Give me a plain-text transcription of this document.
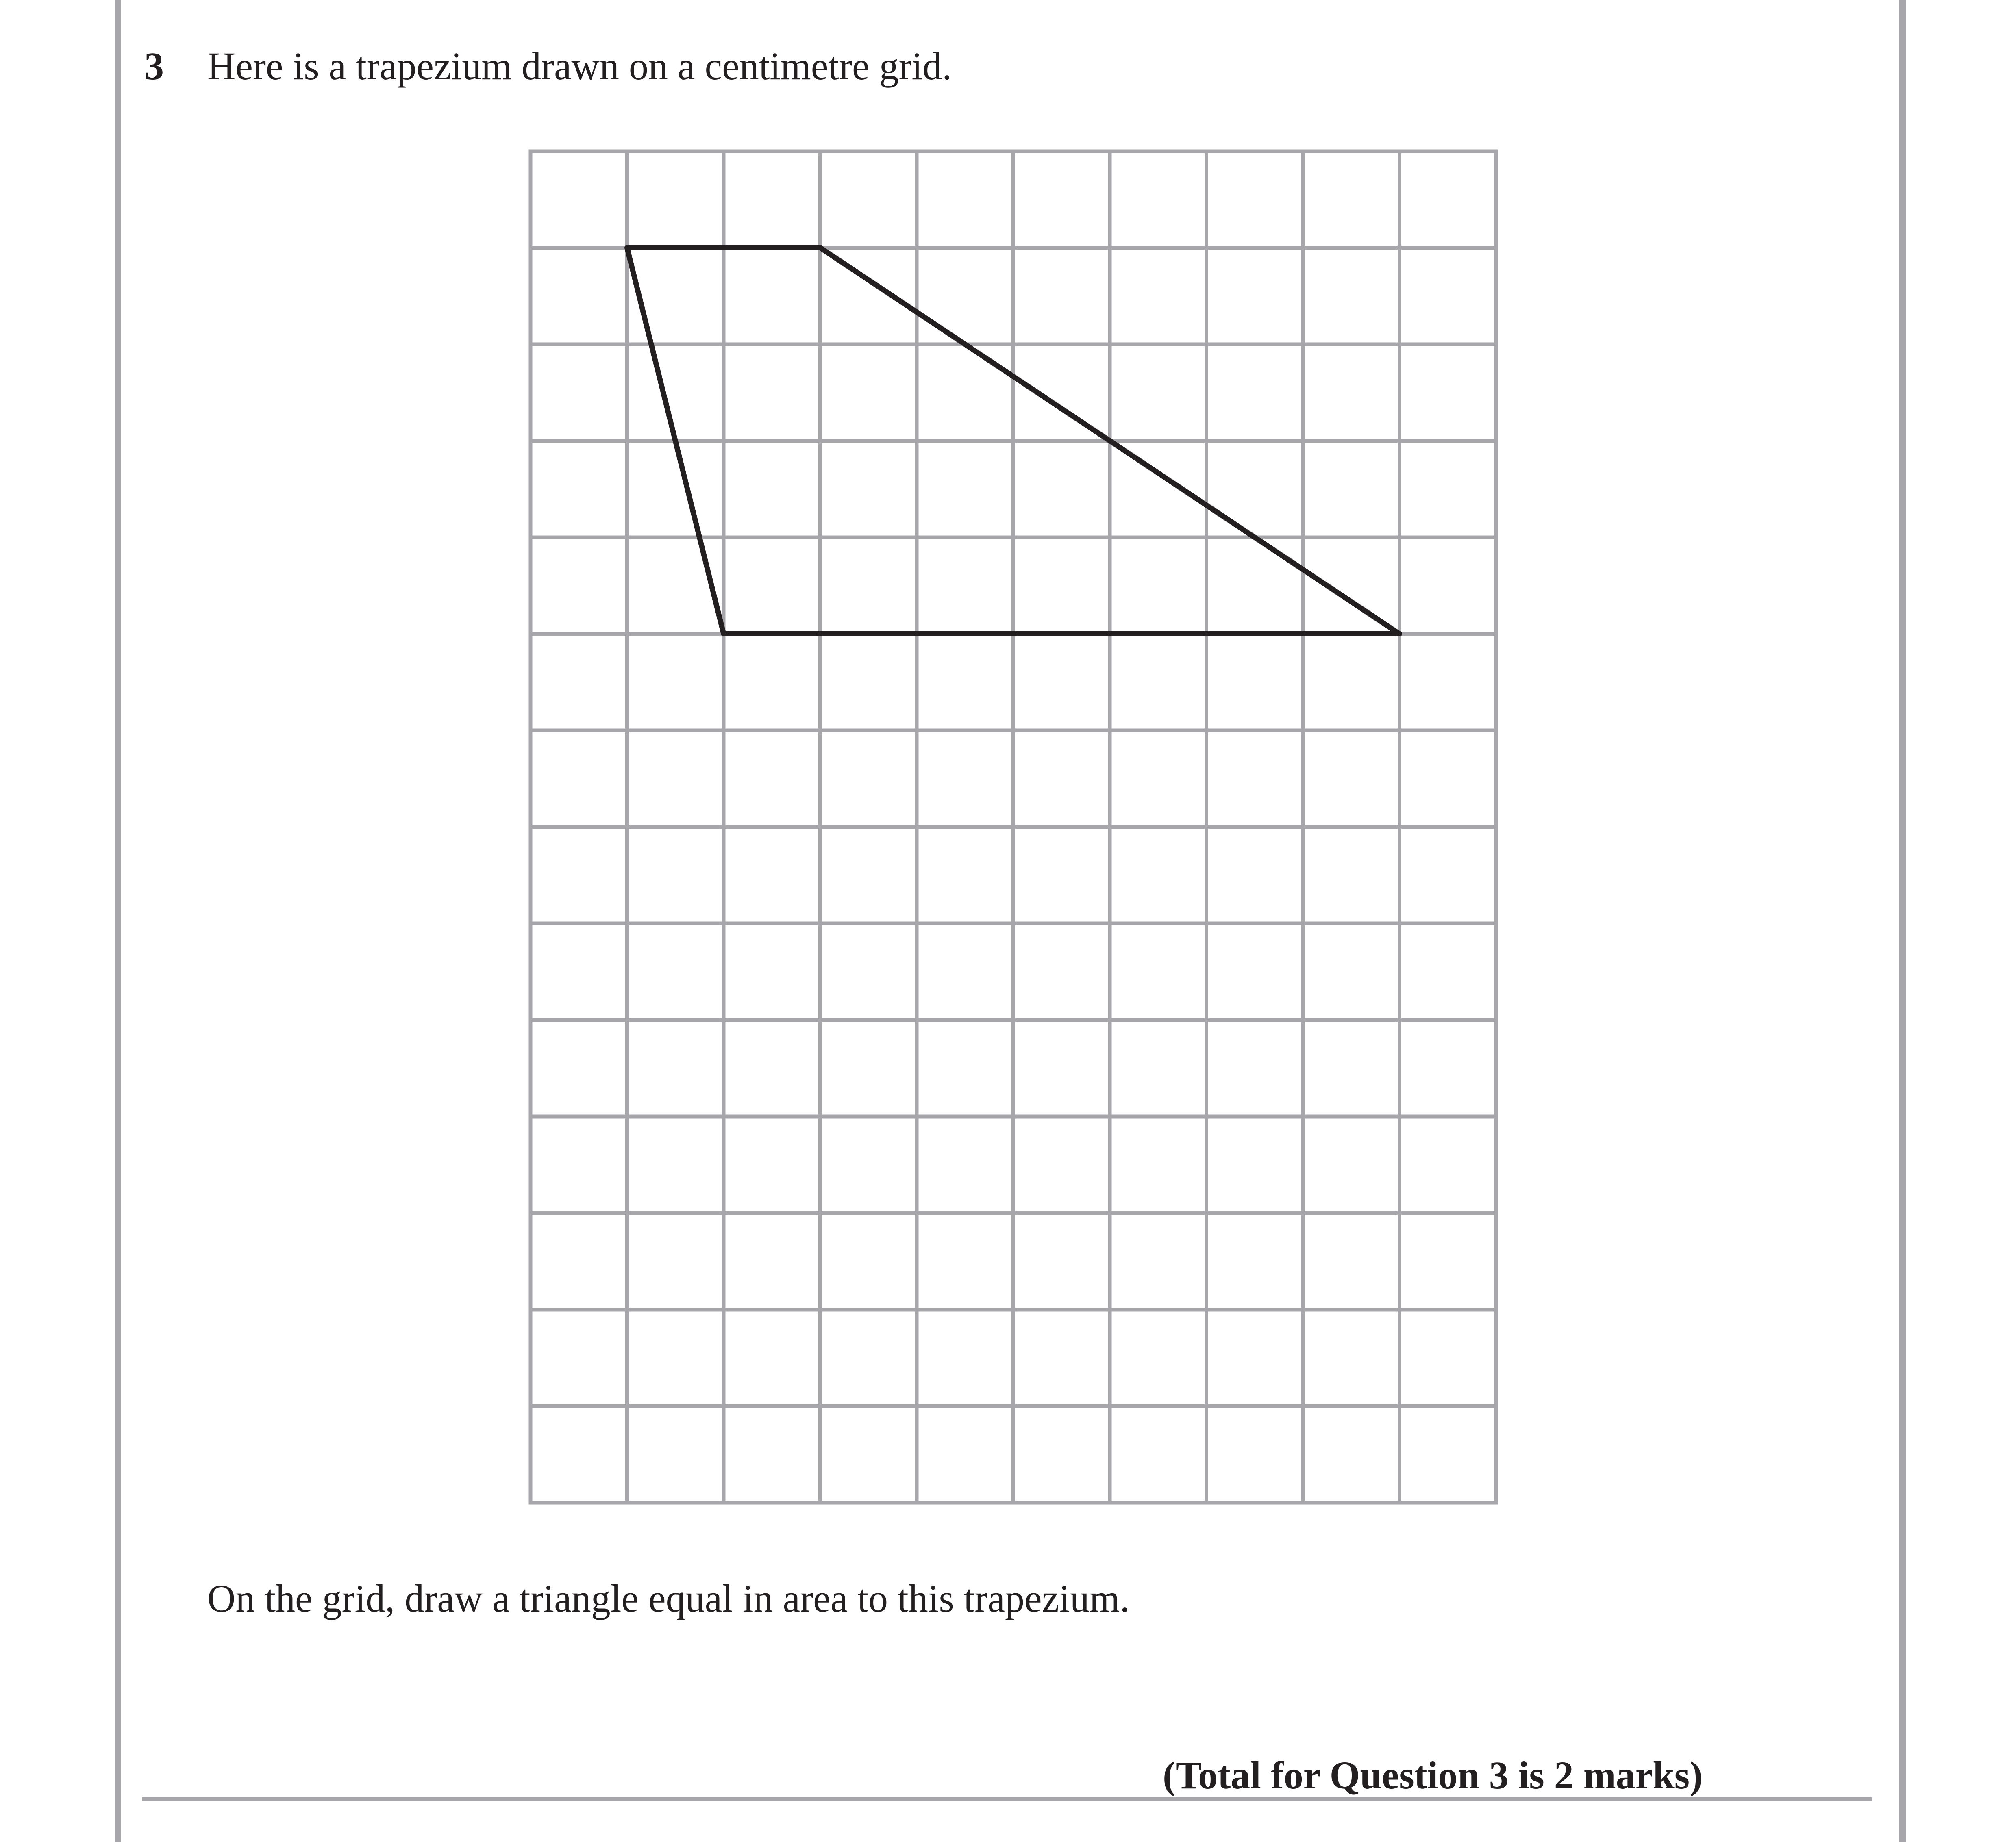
3 Here is a trapezium drawn on a centimetre grid.
On the grid, draw a triangle equal in area to this trapezium.
(Total for Question 3 is 2 marks)
